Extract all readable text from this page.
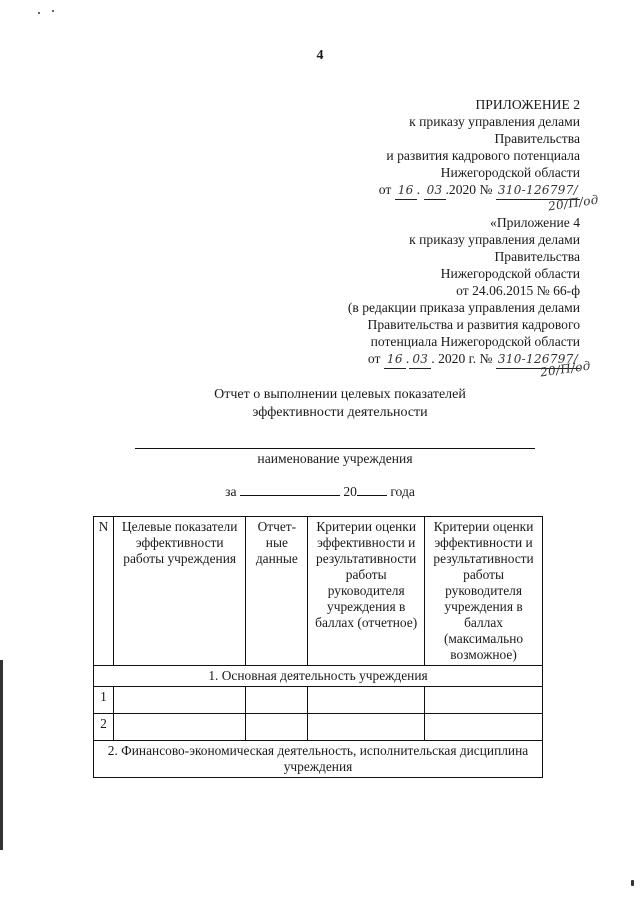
4
ПРИЛОЖЕНИЕ 2
к приказу управления делами
Правительства
и развития кадрового потенциала
Нижегородской области
от 16 . 03 .2020 № 310-126797/
20/П/од
«Приложение 4
к приказу управления делами
Правительства
Нижегородской области
от 24.06.2015 № 66-ф
(в редакции приказа управления делами
Правительства и развития кадрового
потенциала Нижегородской области
от 16 . 03 . 2020 г. № 310-126797/
20/П/од
Отчет о выполнении целевых показателей
эффективности деятельности
наименование учреждения
за	20 года
N	Целевые показатели эффективности работы учреждения	Отчет-ные данные	Критерии оценки эффективности и результативности работы руководителя учреждения в баллах (отчетное)	Критерии оценки эффективности и результативности работы руководителя учреждения в баллах (максимально возможное)
1. Основная деятельность учреждения				
1				
2				
2. Финансово-экономическая деятельность, исполнительская дисциплина учреждения				
